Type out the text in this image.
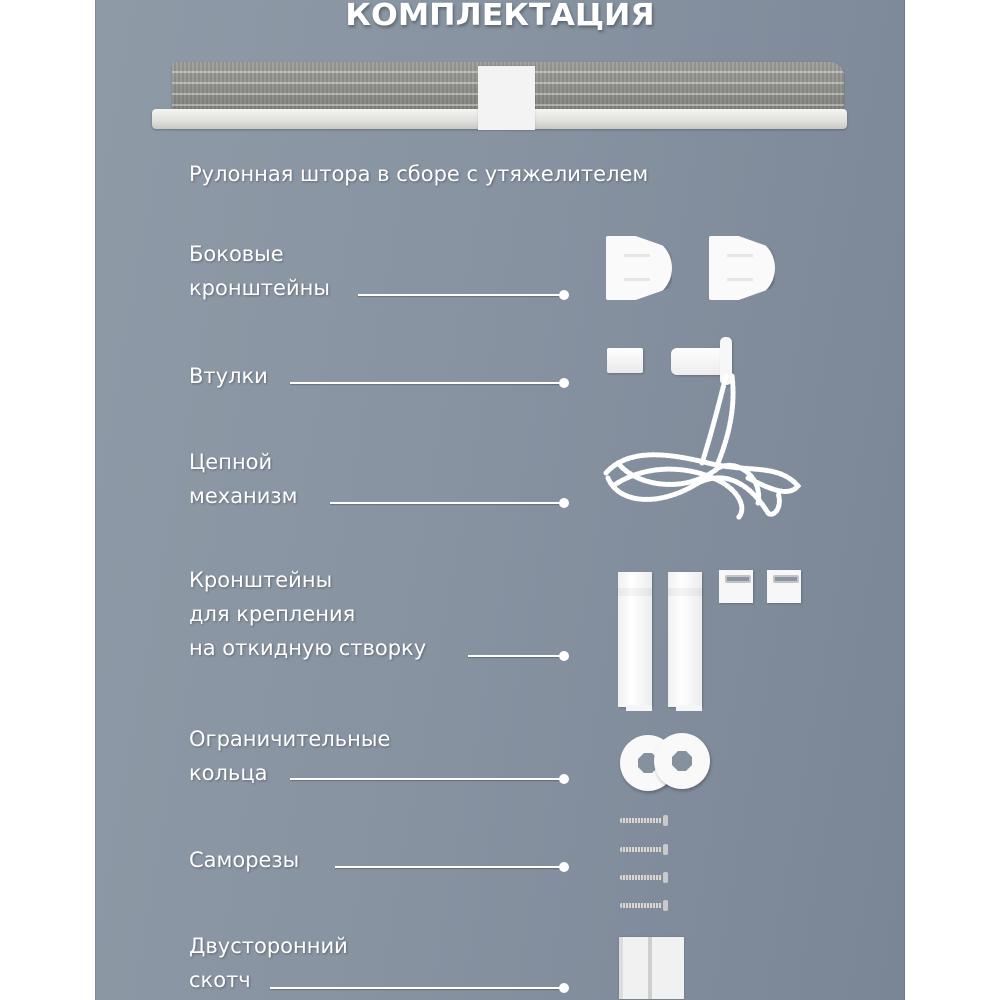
КОМПЛЕКТАЦИЯ
Рулонная штора в сборе с утяжелителем
Боковые
кронштейны
Втулки
Цепной
механизм
Кронштейны
для крепления
на откидную створку
Ограничительные
кольца
Саморезы
Двусторонний
скотч
